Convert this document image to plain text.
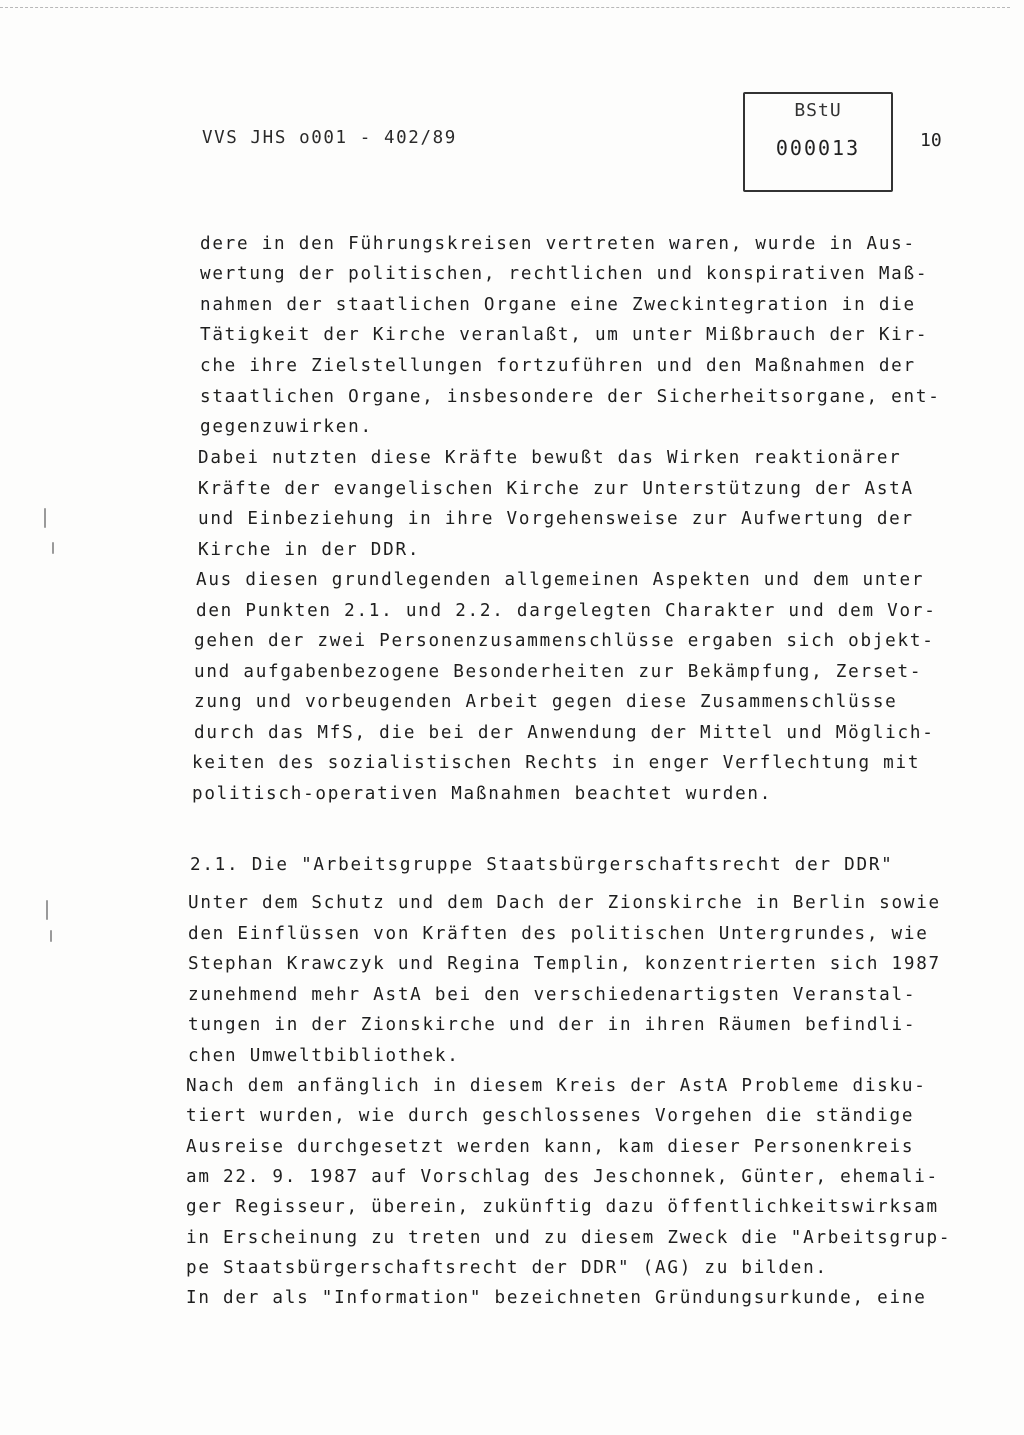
VVS JHS o001 - 402/89
BStU
000013	10
dere in den Führungskreisen vertreten waren, wurde in Aus-
wertung der politischen, rechtlichen und konspirativen Maß-
nahmen der staatlichen Organe eine Zweckintegration in die
Tätigkeit der Kirche veranlaßt, um unter Mißbrauch der Kir-
che ihre Zielstellungen fortzuführen und den Maßnahmen der
staatlichen Organe, insbesondere der Sicherheitsorgane, ent-
gegenzuwirken.
Dabei nutzten diese Kräfte bewußt das Wirken reaktionärer
Kräfte der evangelischen Kirche zur Unterstützung der AstA
und Einbeziehung in ihre Vorgehensweise zur Aufwertung der
Kirche in der DDR.
Aus diesen grundlegenden allgemeinen Aspekten und dem unter
den Punkten 2.1. und 2.2. dargelegten Charakter und dem Vor-
gehen der zwei Personenzusammenschlüsse ergaben sich objekt-
und aufgabenbezogene Besonderheiten zur Bekämpfung, Zerset-
zung und vorbeugenden Arbeit gegen diese Zusammenschlüsse
durch das MfS, die bei der Anwendung der Mittel und Möglich-
keiten des sozialistischen Rechts in enger Verflechtung mit
politisch-operativen Maßnahmen beachtet wurden.
2.1. Die "Arbeitsgruppe Staatsbürgerschaftsrecht der DDR"
Unter dem Schutz und dem Dach der Zionskirche in Berlin sowie
den Einflüssen von Kräften des politischen Untergrundes, wie
Stephan Krawczyk und Regina Templin, konzentrierten sich 1987
zunehmend mehr AstA bei den verschiedenartigsten Veranstal-
tungen in der Zionskirche und der in ihren Räumen befindli-
chen Umweltbibliothek.
Nach dem anfänglich in diesem Kreis der AstA Probleme disku-
tiert wurden, wie durch geschlossenes Vorgehen die ständige
Ausreise durchgesetzt werden kann, kam dieser Personenkreis
am 22. 9. 1987 auf Vorschlag des Jeschonnek, Günter, ehemali-
ger Regisseur, überein, zukünftig dazu öffentlichkeitswirksam
in Erscheinung zu treten und zu diesem Zweck die "Arbeitsgrup-
pe Staatsbürgerschaftsrecht der DDR" (AG) zu bilden.
In der als "Information" bezeichneten Gründungsurkunde, eine
